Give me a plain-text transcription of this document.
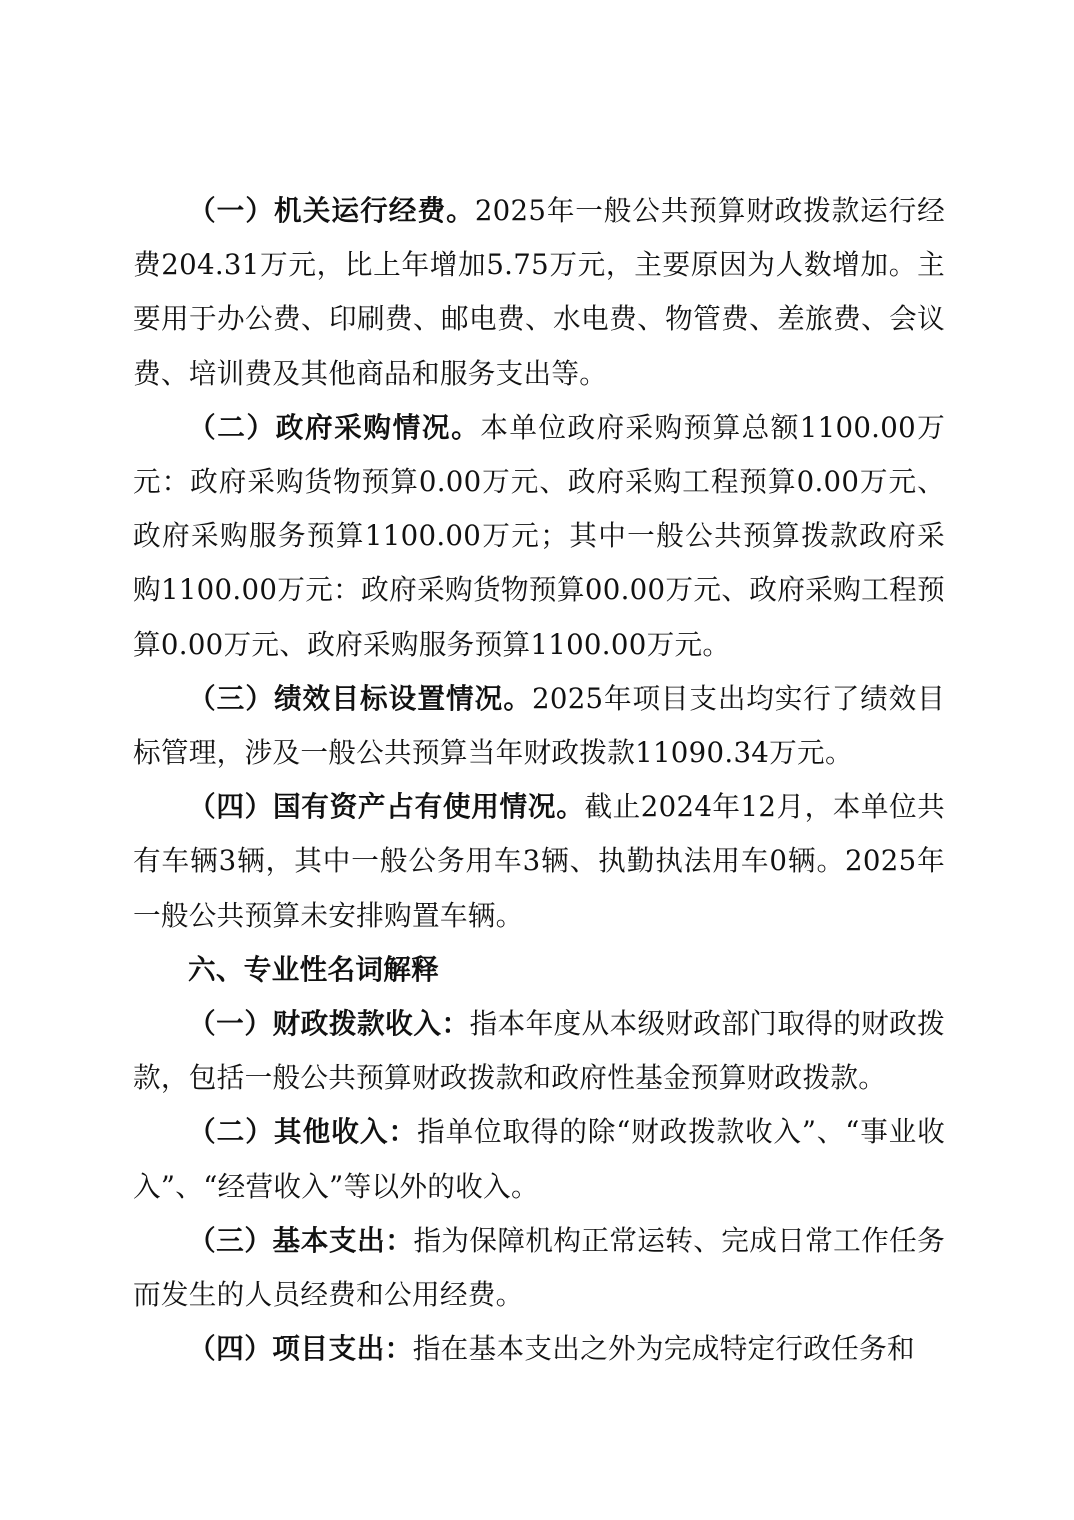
（一）机关运行经费。2025年一般公共预算财政拨款运行经费204.31万元，比上年增加5.75万元，主要原因为人数增加。主要用于办公费、印刷费、邮电费、水电费、物管费、差旅费、会议费、培训费及其他商品和服务支出等。

（二）政府采购情况。本单位政府采购预算总额1100.00万元：政府采购货物预算0.00万元、政府采购工程预算0.00万元、政府采购服务预算1100.00万元；其中一般公共预算拨款政府采购1100.00万元：政府采购货物预算00.00万元、政府采购工程预算0.00万元、政府采购服务预算1100.00万元。

（三）绩效目标设置情况。2025年项目支出均实行了绩效目标管理，涉及一般公共预算当年财政拨款11090.34万元。

（四）国有资产占有使用情况。截止2024年12月，本单位共有车辆3辆，其中一般公务用车3辆、执勤执法用车0辆。2025年一般公共预算未安排购置车辆。

六、专业性名词解释

（一）财政拨款收入：指本年度从本级财政部门取得的财政拨款，包括一般公共预算财政拨款和政府性基金预算财政拨款。

（二）其他收入：指单位取得的除“财政拨款收入”、“事业收入”、“经营收入”等以外的收入。

（三）基本支出：指为保障机构正常运转、完成日常工作任务而发生的人员经费和公用经费。

（四）项目支出：指在基本支出之外为完成特定行政任务和
